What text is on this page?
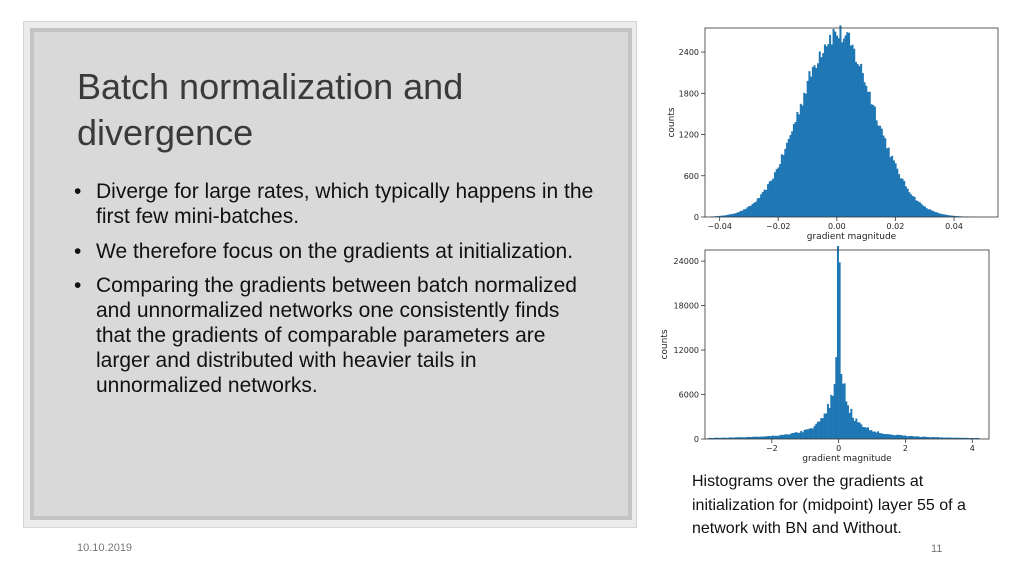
Batch normalization and divergence
• Diverge for large rates, which typically happens in the first few mini-batches.
• We therefore focus on the gradients at initialization.
• Comparing the gradients between batch normalized and unnormalized networks one consistently finds that the gradients of comparable parameters are larger and distributed with heavier tails in unnormalized networks.
0
600
1200
1800
2400
−0.04	−0.02	0.00	0.02	0.04
gradient magnitude
counts
0
6000
12000
18000
24000
−2	0	2	4
gradient magnitude
counts
Histograms over the gradients at initialization for (midpoint) layer 55 of a network with BN and Without.
10.10.2019	11
